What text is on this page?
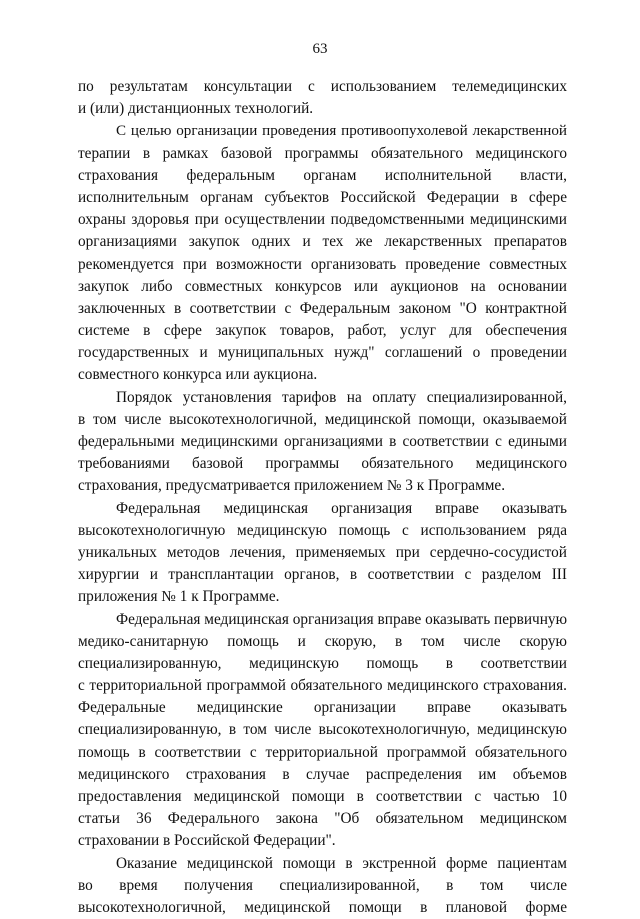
63
по результатам консультации с использованием телемедицинских
и (или) дистанционных технологий.
С целью организации проведения противоопухолевой лекарственной
терапии в рамках базовой программы обязательного медицинского
страхования федеральным органам исполнительной власти,
исполнительным органам субъектов Российской Федерации в сфере
охраны здоровья при осуществлении подведомственными медицинскими
организациями закупок одних и тех же лекарственных препаратов
рекомендуется при возможности организовать проведение совместных
закупок либо совместных конкурсов или аукционов на основании
заключенных в соответствии с Федеральным законом "О контрактной
системе в сфере закупок товаров, работ, услуг для обеспечения
государственных и муниципальных нужд" соглашений о проведении
совместного конкурса или аукциона.
Порядок установления тарифов на оплату специализированной,
в том числе высокотехнологичной, медицинской помощи, оказываемой
федеральными медицинскими организациями в соответствии с едиными
требованиями базовой программы обязательного медицинского
страхования, предусматривается приложением № 3 к Программе.
Федеральная медицинская организация вправе оказывать
высокотехнологичную медицинскую помощь с использованием ряда
уникальных методов лечения, применяемых при сердечно-сосудистой
хирургии и трансплантации органов, в соответствии с разделом III
приложения № 1 к Программе.
Федеральная медицинская организация вправе оказывать первичную
медико-санитарную помощь и скорую, в том числе скорую
специализированную, медицинскую помощь в соответствии
с территориальной программой обязательного медицинского страхования.
Федеральные медицинские организации вправе оказывать
специализированную, в том числе высокотехнологичную, медицинскую
помощь в соответствии с территориальной программой обязательного
медицинского страхования в случае распределения им объемов
предоставления медицинской помощи в соответствии с частью 10
статьи 36 Федерального закона "Об обязательном медицинском
страховании в Российской Федерации".
Оказание медицинской помощи в экстренной форме пациентам
во время получения специализированной, в том числе
высокотехнологичной, медицинской помощи в плановой форме
